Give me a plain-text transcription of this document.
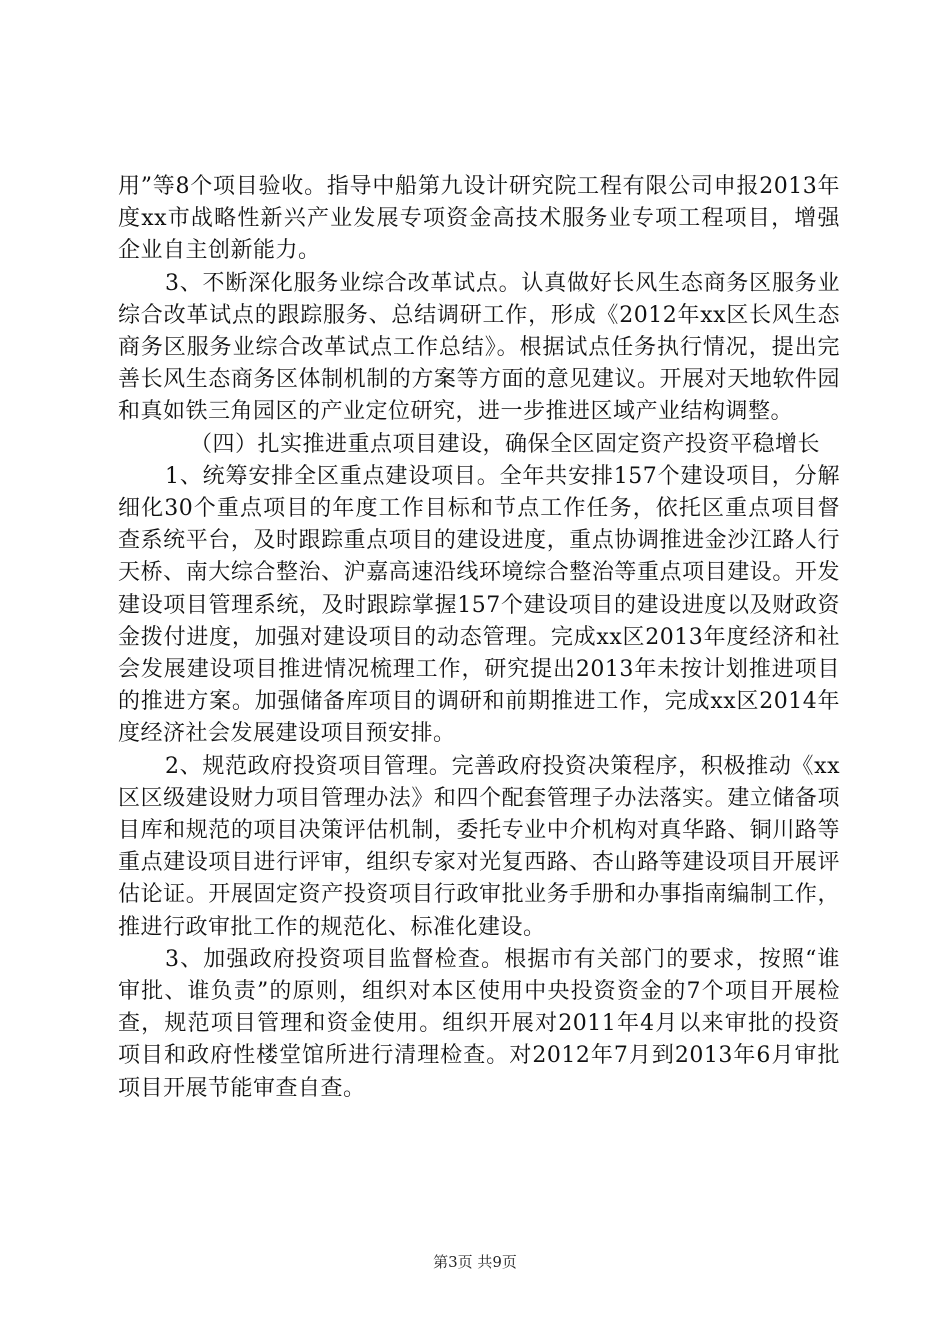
用”等8个项目验收。指导中船第九设计研究院工程有限公司申报2013年度xx市战略性新兴产业发展专项资金高技术服务业专项工程项目，增强企业自主创新能力。

3、不断深化服务业综合改革试点。认真做好长风生态商务区服务业综合改革试点的跟踪服务、总结调研工作，形成《2012年xx区长风生态商务区服务业综合改革试点工作总结》。根据试点任务执行情况，提出完善长风生态商务区体制机制的方案等方面的意见建议。开展对天地软件园和真如铁三角园区的产业定位研究，进一步推进区域产业结构调整。

（四）扎实推进重点项目建设，确保全区固定资产投资平稳增长

1、统筹安排全区重点建设项目。全年共安排157个建设项目，分解细化30个重点项目的年度工作目标和节点工作任务，依托区重点项目督查系统平台，及时跟踪重点项目的建设进度，重点协调推进金沙江路人行天桥、南大综合整治、沪嘉高速沿线环境综合整治等重点项目建设。开发建设项目管理系统，及时跟踪掌握157个建设项目的建设进度以及财政资金拨付进度，加强对建设项目的动态管理。完成xx区2013年度经济和社会发展建设项目推进情况梳理工作，研究提出2013年未按计划推进项目的推进方案。加强储备库项目的调研和前期推进工作，完成xx区2014年度经济社会发展建设项目预安排。

2、规范政府投资项目管理。完善政府投资决策程序，积极推动《xx区区级建设财力项目管理办法》和四个配套管理子办法落实。建立储备项目库和规范的项目决策评估机制，委托专业中介机构对真华路、铜川路等重点建设项目进行评审，组织专家对光复西路、杏山路等建设项目开展评估论证。开展固定资产投资项目行政审批业务手册和办事指南编制工作，推进行政审批工作的规范化、标准化建设。

3、加强政府投资项目监督检查。根据市有关部门的要求，按照“谁审批、谁负责”的原则，组织对本区使用中央投资资金的7个项目开展检查，规范项目管理和资金使用。组织开展对2011年4月以来审批的投资项目和政府性楼堂馆所进行清理检查。对2012年7月到2013年6月审批项目开展节能审查自查。

第3页 共9页
